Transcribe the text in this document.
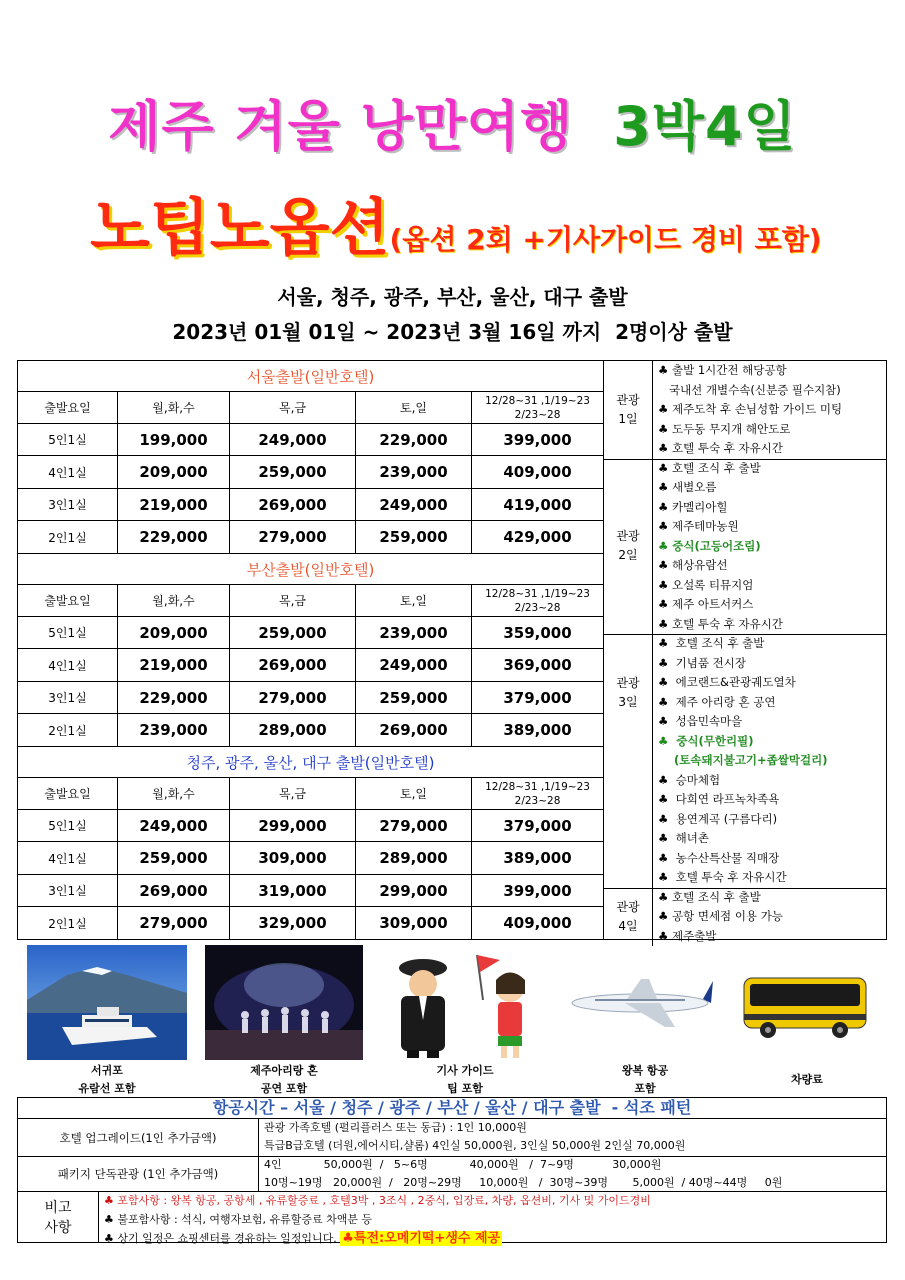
제주 겨울 낭만여행 3박4일
노팁노옵션(옵션 2회 +기사가이드 경비 포함)
서울, 청주, 광주, 부산, 울산, 대구 출발
2023년 01월 01일 ~ 2023년 3월 16일 까지  2명이상 출발
서울출발(일반호텔)				
출발요일	월,화,수	목,금	토,일	12/28~31 ,1/19~23
2/23~28

5인1실	199,000	249,000	229,000	399,000
4인1실	209,000	259,000	239,000	409,000
3인1실	219,000	269,000	249,000	419,000
2인1실	229,000	279,000	259,000	429,000
부산출발(일반호텔)				
출발요일	월,화,수	목,금	토,일	12/28~31 ,1/19~23
2/23~28

5인1실	209,000	259,000	239,000	359,000
4인1실	219,000	269,000	249,000	369,000
3인1실	229,000	279,000	259,000	379,000
2인1실	239,000	289,000	269,000	389,000
청주, 광주, 울산, 대구 출발(일반호텔)				
출발요일	월,화,수	목,금	토,일	12/28~31 ,1/19~23
2/23~28

5인1실	249,000	299,000	279,000	379,000
4인1실	259,000	309,000	289,000	389,000
3인1실	269,000	319,000	299,000	399,000
2인1실	279,000	329,000	309,000	409,000
관광
1일
♣ 출발 1시간전 해당공항
국내선 개별수속(신분증 필수지참)
♣ 제주도착 후 손님성함 가이드 미팅
♣ 도두동 무지개 해안도로
♣ 호텔 투숙 후 자유시간
관광
2일
♣ 호텔 조식 후 출발
♣ 새별오름
♣ 카멜리아힐
♣ 제주테마농원
♣ 중식(고등어조림)
♣ 해상유람선
♣ 오설록 티뮤지엄
♣ 제주 아트서커스
♣ 호텔 투숙 후 자유시간
관광
3일
♣  호텔 조식 후 출발
♣  기념품 전시장
♣  에코랜드&관광궤도열차
♣  제주 아리랑 혼 공연
♣  성읍민속마을
♣  중식(무한리필)
(토속돼지불고기+좁쌀막걸리)
♣  승마체험
♣  다희연 라프녹차족욕
♣  용연계곡 (구름다리)
♣  해녀촌
♣  농수산특산물 직매장
♣  호텔 투숙 후 자유시간
관광
4일
♣ 호텔 조식 후 출발
♣ 공항 면세점 이용 가능
♣ 제주출발
서귀포
유람선 포함
제주아리랑 혼
공연 포함
기사 가이드
팁 포함
왕복 항공
포함
차량료
항공시간 – 서울 / 청주 / 광주 / 부산 / 울산 / 대구 출발  - 석조 패턴
호텔 업그레이드(1인 추가금액)
관광 가족호텔 (펄리플러스 또는 동급) : 1인 10,000원
특급B급호텔 (더원,에어시티,샬롬) 4인실 50,000원, 3인실 50,000원 2인실 70,000원
패키지 단독관광 (1인 추가금액)
4인            50,000원  /   5~6명            40,000원   /  7~9명           30,000원
10명~19명   20,000원  /   20명~29명     10,000원   /  30명~39명       5,000원  / 40명~44명     0원
비고
사항
♣ 포함사항 : 왕복 항공, 공항세 , 유류할증료 , 호텔3박 , 3조식 , 2중식, 입장료, 차량, 옵션비, 기사 및 가이드경비
♣ 불포함사항 : 석식, 여행자보험, 유류할증료 차액분 등
♣ 상기 일정은 쇼핑센터를 경유하는 일정입니다. ♣특전:오메기떡+생수 제공
